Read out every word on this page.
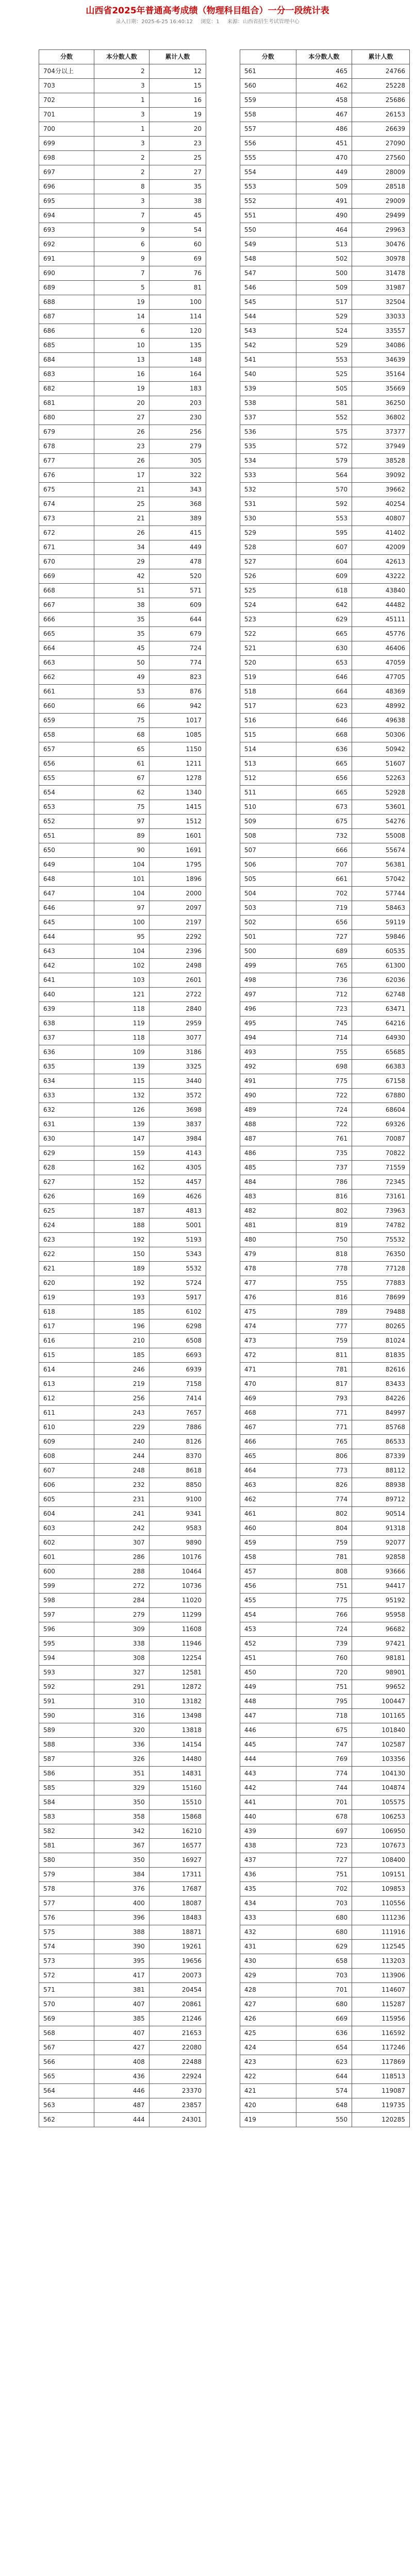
山西省2025年普通高考成绩（物理科目组合）一分一段统计表
录入日期：2025-6-25 16:40:12 浏览：1 来源：山西省招生考试管理中心
分数	本分数人数	累计人数
704分以上	2	12
703	3	15
702	1	16
701	3	19
700	1	20
699	3	23
698	2	25
697	2	27
696	8	35
695	3	38
694	7	45
693	9	54
692	6	60
691	9	69
690	7	76
689	5	81
688	19	100
687	14	114
686	6	120
685	10	135
684	13	148
683	16	164
682	19	183
681	20	203
680	27	230
679	26	256
678	23	279
677	26	305
676	17	322
675	21	343
674	25	368
673	21	389
672	26	415
671	34	449
670	29	478
669	42	520
668	51	571
667	38	609
666	35	644
665	35	679
664	45	724
663	50	774
662	49	823
661	53	876
660	66	942
659	75	1017
658	68	1085
657	65	1150
656	61	1211
655	67	1278
654	62	1340
653	75	1415
652	97	1512
651	89	1601
650	90	1691
649	104	1795
648	101	1896
647	104	2000
646	97	2097
645	100	2197
644	95	2292
643	104	2396
642	102	2498
641	103	2601
640	121	2722
639	118	2840
638	119	2959
637	118	3077
636	109	3186
635	139	3325
634	115	3440
633	132	3572
632	126	3698
631	139	3837
630	147	3984
629	159	4143
628	162	4305
627	152	4457
626	169	4626
625	187	4813
624	188	5001
623	192	5193
622	150	5343
621	189	5532
620	192	5724
619	193	5917
618	185	6102
617	196	6298
616	210	6508
615	185	6693
614	246	6939
613	219	7158
612	256	7414
611	243	7657
610	229	7886
609	240	8126
608	244	8370
607	248	8618
606	232	8850
605	231	9100
604	241	9341
603	242	9583
602	307	9890
601	286	10176
600	288	10464
599	272	10736
598	284	11020
597	279	11299
596	309	11608
595	338	11946
594	308	12254
593	327	12581
592	291	12872
591	310	13182
590	316	13498
589	320	13818
588	336	14154
587	326	14480
586	351	14831
585	329	15160
584	350	15510
583	358	15868
582	342	16210
581	367	16577
580	350	16927
579	384	17311
578	376	17687
577	400	18087
576	396	18483
575	388	18871
574	390	19261
573	395	19656
572	417	20073
571	381	20454
570	407	20861
569	385	21246
568	407	21653
567	427	22080
566	408	22488
565	436	22924
564	446	23370
563	487	23857
562	444	24301
分数	本分数人数	累计人数
561	465	24766
560	462	25228
559	458	25686
558	467	26153
557	486	26639
556	451	27090
555	470	27560
554	449	28009
553	509	28518
552	491	29009
551	490	29499
550	464	29963
549	513	30476
548	502	30978
547	500	31478
546	509	31987
545	517	32504
544	529	33033
543	524	33557
542	529	34086
541	553	34639
540	525	35164
539	505	35669
538	581	36250
537	552	36802
536	575	37377
535	572	37949
534	579	38528
533	564	39092
532	570	39662
531	592	40254
530	553	40807
529	595	41402
528	607	42009
527	604	42613
526	609	43222
525	618	43840
524	642	44482
523	629	45111
522	665	45776
521	630	46406
520	653	47059
519	646	47705
518	664	48369
517	623	48992
516	646	49638
515	668	50306
514	636	50942
513	665	51607
512	656	52263
511	665	52928
510	673	53601
509	675	54276
508	732	55008
507	666	55674
506	707	56381
505	661	57042
504	702	57744
503	719	58463
502	656	59119
501	727	59846
500	689	60535
499	765	61300
498	736	62036
497	712	62748
496	723	63471
495	745	64216
494	714	64930
493	755	65685
492	698	66383
491	775	67158
490	722	67880
489	724	68604
488	722	69326
487	761	70087
486	735	70822
485	737	71559
484	786	72345
483	816	73161
482	802	73963
481	819	74782
480	750	75532
479	818	76350
478	778	77128
477	755	77883
476	816	78699
475	789	79488
474	777	80265
473	759	81024
472	811	81835
471	781	82616
470	817	83433
469	793	84226
468	771	84997
467	771	85768
466	765	86533
465	806	87339
464	773	88112
463	826	88938
462	774	89712
461	802	90514
460	804	91318
459	759	92077
458	781	92858
457	808	93666
456	751	94417
455	775	95192
454	766	95958
453	724	96682
452	739	97421
451	760	98181
450	720	98901
449	751	99652
448	795	100447
447	718	101165
446	675	101840
445	747	102587
444	769	103356
443	774	104130
442	744	104874
441	701	105575
440	678	106253
439	697	106950
438	723	107673
437	727	108400
436	751	109151
435	702	109853
434	703	110556
433	680	111236
432	680	111916
431	629	112545
430	658	113203
429	703	113906
428	701	114607
427	680	115287
426	669	115956
425	636	116592
424	654	117246
423	623	117869
422	644	118513
421	574	119087
420	648	119735
419	550	120285
